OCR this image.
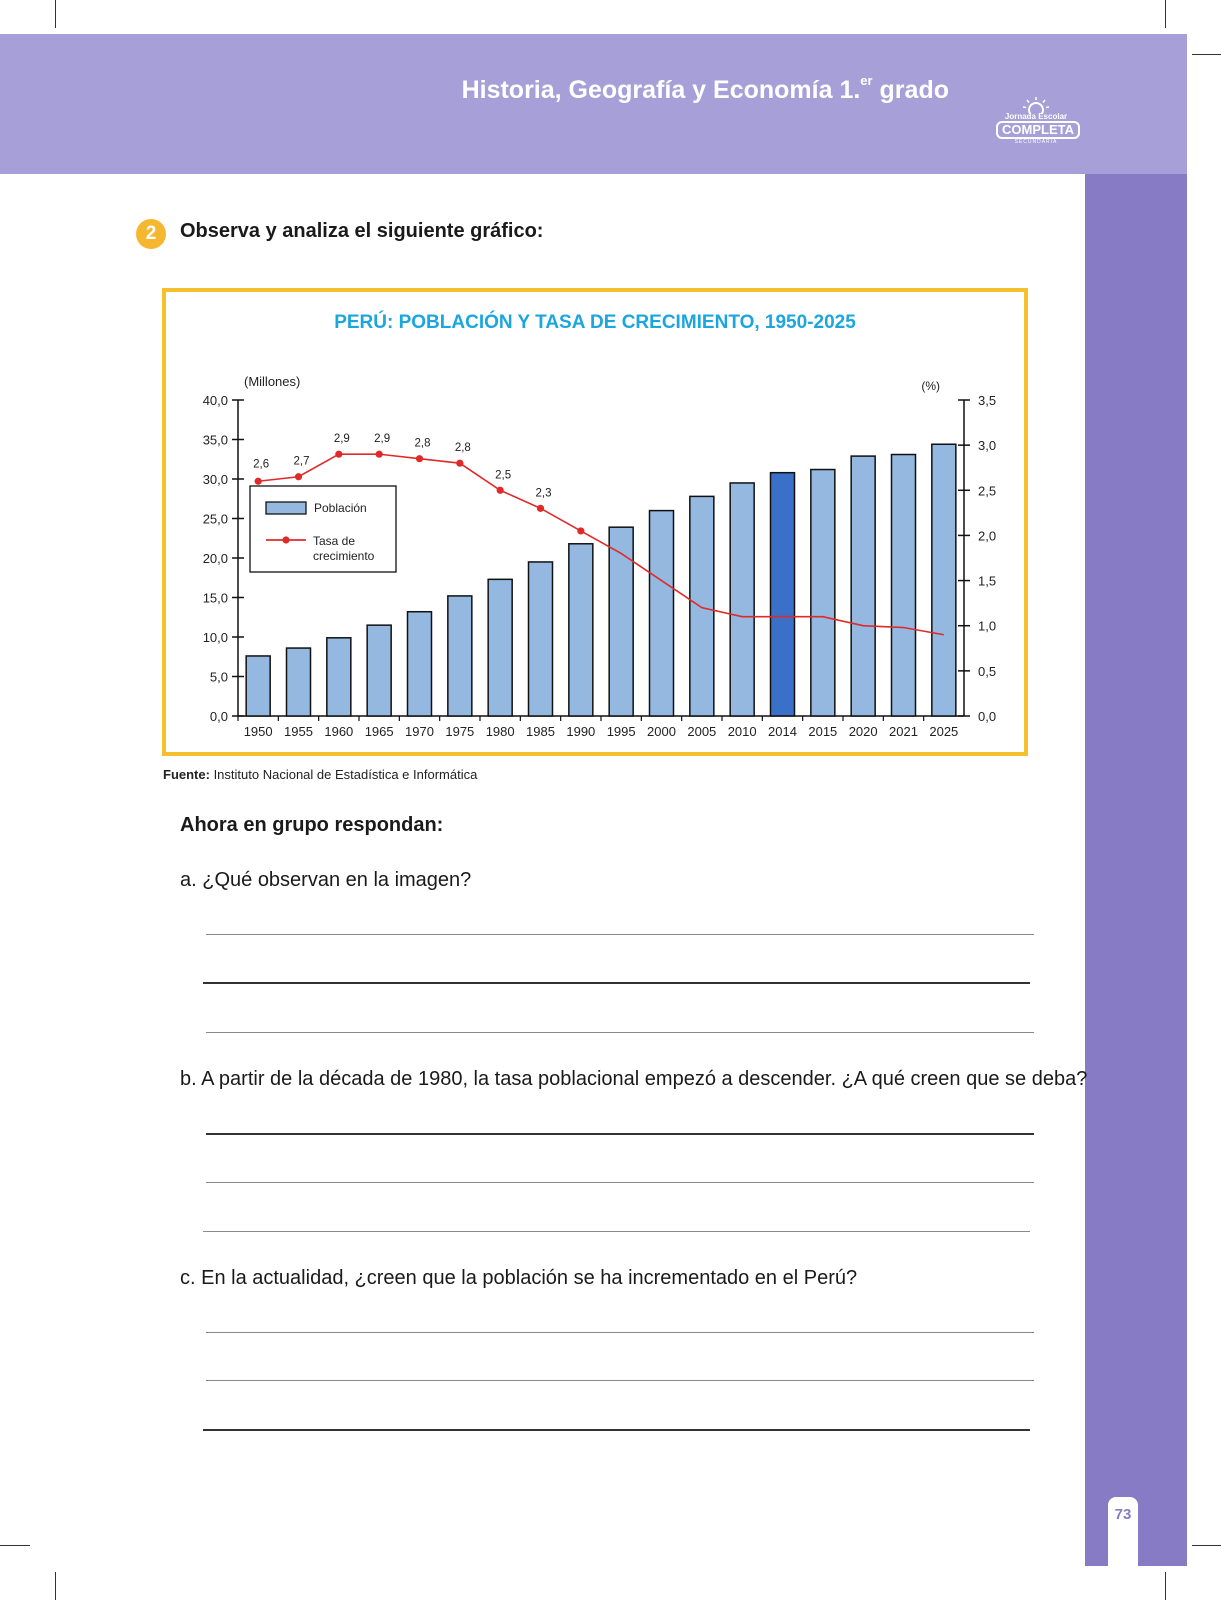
Historia, Geografía y Economía 1.$^{er}$ grado
Jornada Escolar
COMPLETA
SECUNDARIA
73
2	Observa y analiza el siguiente gráfico:
PERÚ: POBLACIÓN Y TASA DE CRECIMIENTO, 1950-2025
(Millones)	(%)
0,0
5,0
10,0
15,0
20,0
25,0
30,0
35,0
40,0
0,0
0,5
1,0
1,5
2,0
2,5
3,0
3,5
1950 1955 1960 1965 1970 1975 1980 1985 1990 1995 2000 2005 2010 2014 2015 2020 2021 2025
2,6 2,7
2,9 2,9 2,8 2,8
2,5
2,3
Población
Tasa de
crecimiento
Fuente: Instituto Nacional de Estadística e Informática
Ahora en grupo respondan:
a. ¿Qué observan en la imagen?
b. A partir de la década de 1980, la tasa poblacional empezó a descender. ¿A qué creen que se deba?
c. En la actualidad, ¿creen que la población se ha incrementado en el Perú?
